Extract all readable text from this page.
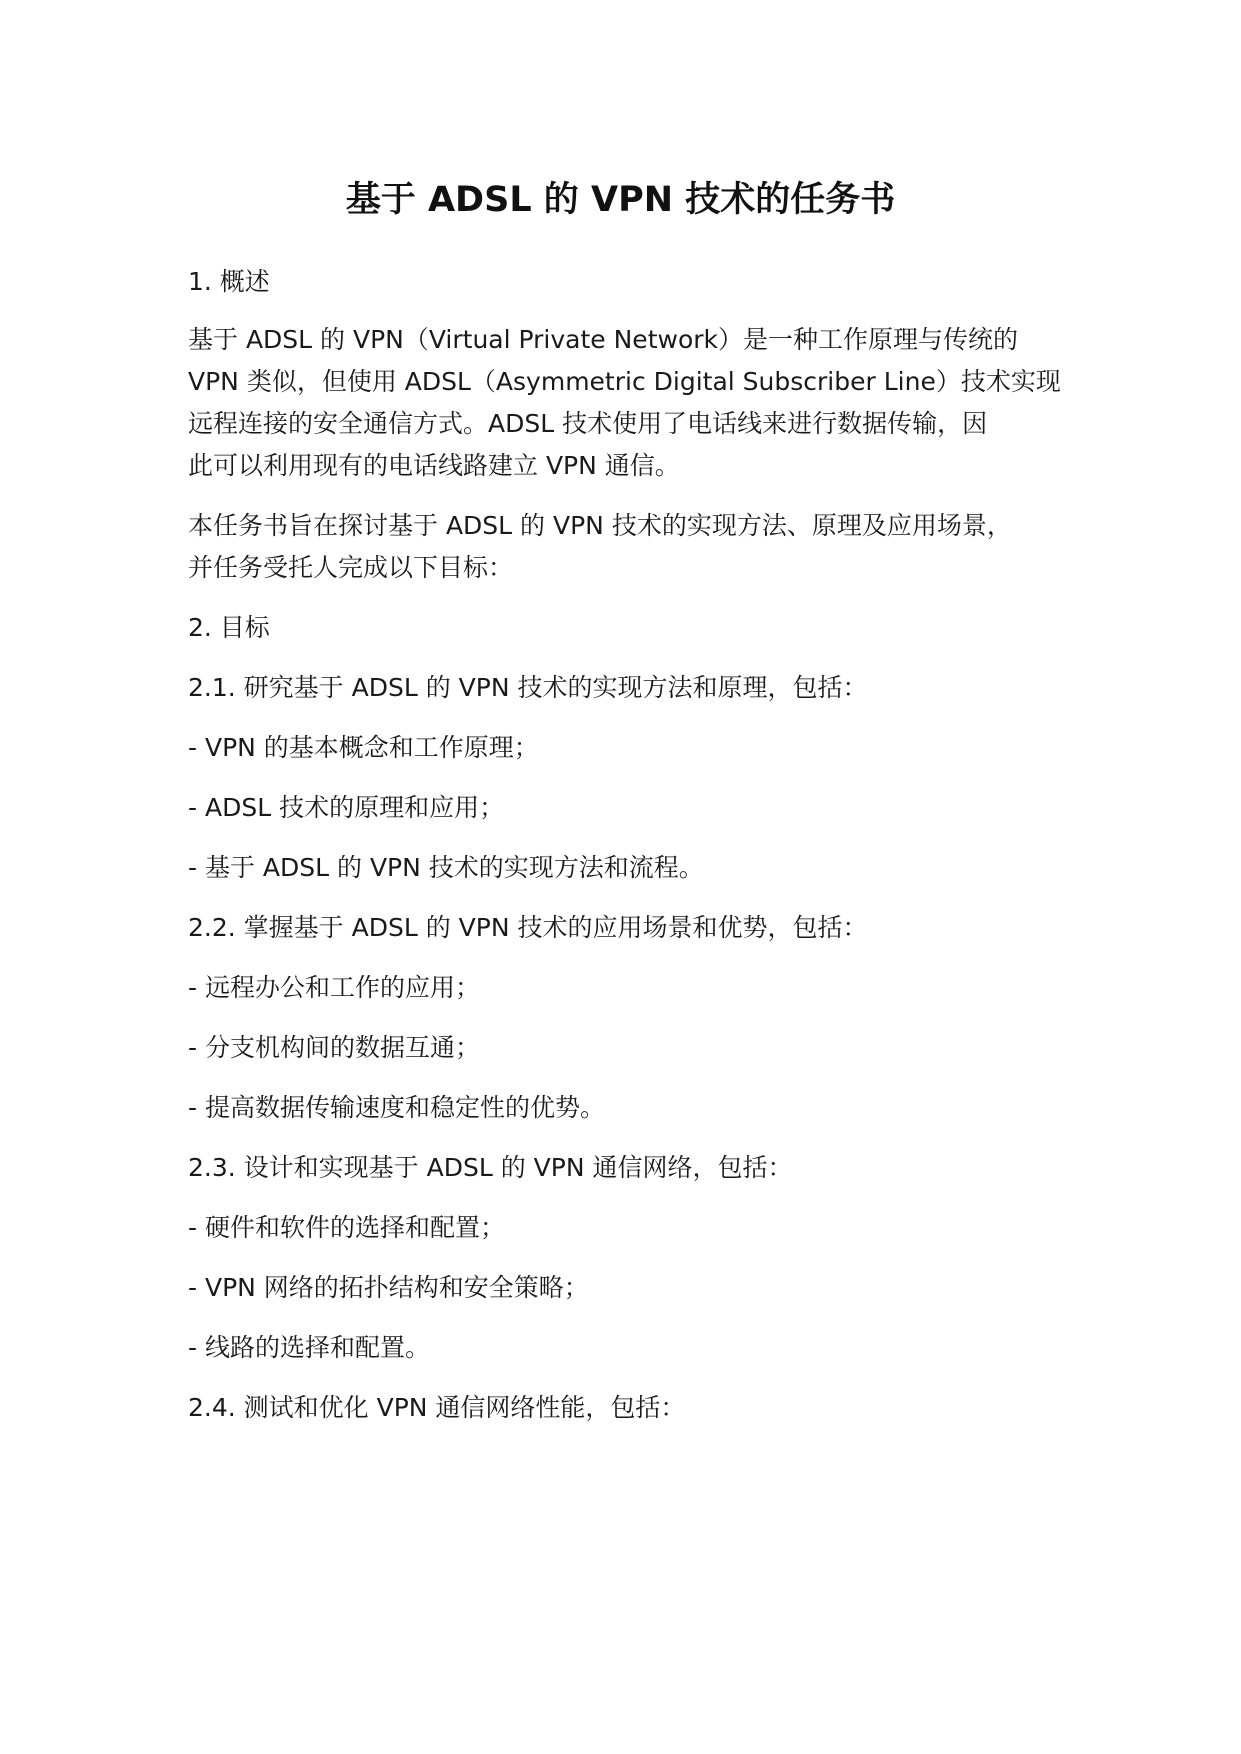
基于 ADSL 的 VPN 技术的任务书

1. 概述

基于 ADSL 的 VPN（Virtual Private Network）是一种工作原理与传统的

VPN 类似，但使用 ADSL（Asymmetric Digital Subscriber Line）技术实现

远程连接的安全通信方式。ADSL 技术使用了电话线来进行数据传输，因

此可以利用现有的电话线路建立 VPN 通信。

本任务书旨在探讨基于 ADSL 的 VPN 技术的实现方法、原理及应用场景，

并任务受托人完成以下目标：

2. 目标

2.1. 研究基于 ADSL 的 VPN 技术的实现方法和原理，包括：

- VPN 的基本概念和工作原理；

- ADSL 技术的原理和应用；

- 基于 ADSL 的 VPN 技术的实现方法和流程。

2.2. 掌握基于 ADSL 的 VPN 技术的应用场景和优势，包括：

- 远程办公和工作的应用；

- 分支机构间的数据互通；

- 提高数据传输速度和稳定性的优势。

2.3. 设计和实现基于 ADSL 的 VPN 通信网络，包括：

- 硬件和软件的选择和配置；

- VPN 网络的拓扑结构和安全策略；

- 线路的选择和配置。

2.4. 测试和优化 VPN 通信网络性能，包括：
